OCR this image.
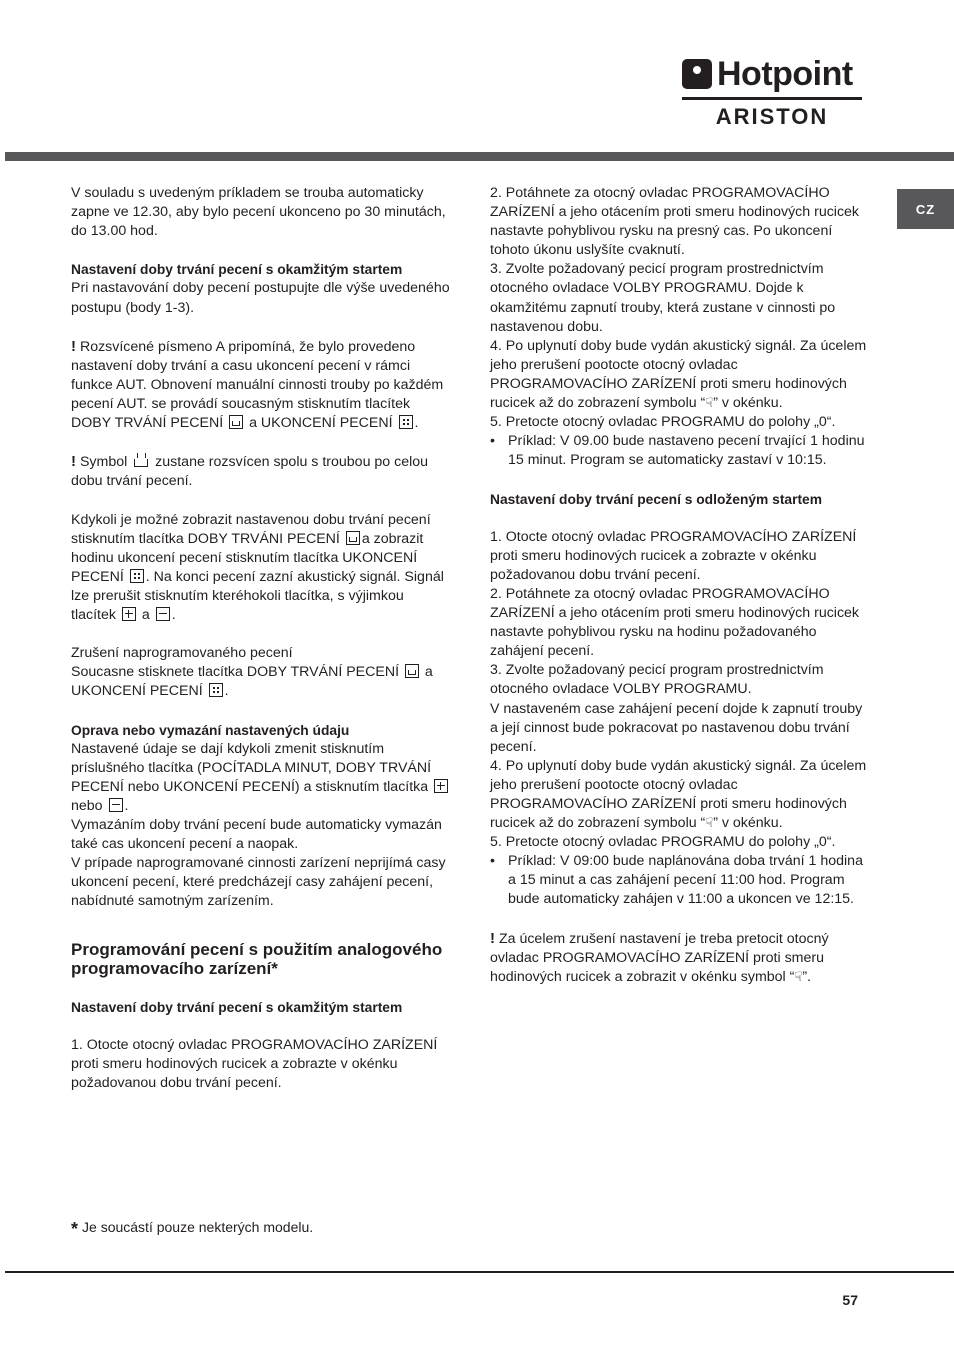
Hotpoint
ARISTON
CZ

V souladu s uvedeným príkladem se trouba automaticky zapne ve 12.30, aby bylo pecení ukonceno po 30 minutách, do 13.00 hod.

Nastavení doby trvání pecení s okamžitým startem

Pri nastavování doby pecení postupujte dle výše uvedeného postupu (body 1-3).

! Rozsvícené písmeno A pripomíná, že bylo provedeno nastavení doby trvání a casu ukoncení pecení v rámci funkce AUT. Obnovení manuální cinnosti trouby po každém pecení AUT. se provádí soucasným stisknutím tlacítek DOBY TRVÁNÍ PECENÍ  a UKONCENÍ PECENÍ .

! Symbol  zustane rozsvícen spolu s troubou po celou dobu trvání pecení.

Kdykoli je možné zobrazit nastavenou dobu trvání pecení stisknutím tlacítka DOBY TRVÁNI PECENÍ a zobrazit hodinu ukoncení pecení stisknutím tlacítka UKONCENÍ PECENÍ . Na konci pecení zazní akustický signál. Signál lze prerušit stisknutím kteréhokoli tlacítka, s výjimkou tlacítek  a .

Zrušení naprogramovaného pecení

Soucasne stisknete tlacítka DOBY TRVÁNÍ PECENÍ  a UKONCENÍ PECENÍ .

Oprava nebo vymazání nastavených údaju

Nastavené údaje se dají kdykoli zmenit stisknutím príslušného tlacítka (POCÍTADLA MINUT, DOBY TRVÁNÍ PECENÍ nebo UKONCENÍ PECENÍ) a stisknutím tlacítka  nebo .

Vymazáním doby trvání pecení bude automaticky vymazán také cas ukoncení pecení a naopak.

V prípade naprogramované cinnosti zarízení neprijímá casy ukoncení pecení, které predcházejí casy zahájení pecení, nabídnuté samotným zarízením.

Programování pecení s použitím analogového programovacího zarízení*

Nastavení doby trvání pecení s okamžitým startem

1. Otocte otocný ovladac PROGRAMOVACÍHO ZARÍZENÍ proti smeru hodinových rucicek a zobrazte v okénku požadovanou dobu trvání pecení.

2. Potáhnete za otocný ovladac PROGRAMOVACÍHO ZARÍZENÍ a jeho otácením proti smeru hodinových rucicek nastavte pohyblivou rysku na presný cas. Po ukoncení tohoto úkonu uslyšíte cvaknutí.

3. Zvolte požadovaný pecicí program prostrednictvím otocného ovladace VOLBY PROGRAMU. Dojde k okamžitému zapnutí trouby, která zustane v cinnosti po nastavenou dobu.

4. Po uplynutí doby bude vydán akustický signál. Za úcelem jeho prerušení pootocte otocný ovladac PROGRAMOVACÍHO ZARÍZENÍ proti smeru hodinových rucicek až do zobrazení symbolu “☟” v okénku.

5. Pretocte otocný ovladac PROGRAMU do polohy „0“.

• Príklad: V 09.00 bude nastaveno pecení trvající 1 hodinu 15 minut. Program se automaticky zastaví v 10:15.

Nastavení doby trvání pecení s odloženým startem

1. Otocte otocný ovladac PROGRAMOVACÍHO ZARÍZENÍ proti smeru hodinových rucicek a zobrazte v okénku požadovanou dobu trvání pecení.

2. Potáhnete za otocný ovladac PROGRAMOVACÍHO ZARÍZENÍ a jeho otácením proti smeru hodinových rucicek nastavte pohyblivou rysku na hodinu požadovaného zahájení pecení.

3. Zvolte požadovaný pecicí program prostrednictvím otocného ovladace VOLBY PROGRAMU.

V nastaveném case zahájení pecení dojde k zapnutí trouby a její cinnost bude pokracovat po nastavenou dobu trvání pecení.

4. Po uplynutí doby bude vydán akustický signál. Za úcelem jeho prerušení pootocte otocný ovladac PROGRAMOVACÍHO ZARÍZENÍ proti smeru hodinových rucicek až do zobrazení symbolu “☟” v okénku.

5. Pretocte otocný ovladac PROGRAMU do polohy „0“.

• Príklad: V 09:00 bude naplánována doba trvání 1 hodina a 15 minut a cas zahájení pecení 11:00 hod. Program bude automaticky zahájen v 11:00 a ukoncen ve 12:15.

! Za úcelem zrušení nastavení je treba pretocit otocný ovladac PROGRAMOVACÍHO ZARÍZENÍ proti smeru hodinových rucicek a zobrazit v okénku symbol “☟”.

* Je soucástí pouze nekterých modelu.
57
